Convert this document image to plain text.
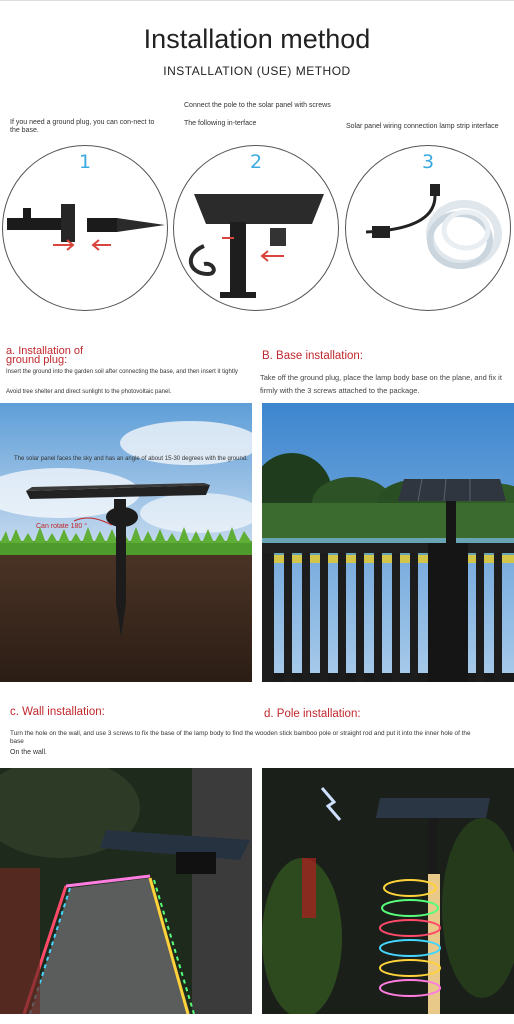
Installation method
INSTALLATION (USE) METHOD
If you need a ground plug, you can con-nect to the base.
Connect the pole to the solar panel with screws
The following in-terface	Solar panel wiring connection lamp strip interface
1	2	3
a. Installation of
ground plug:
Insert the ground into the garden soil after connecting the base, and then insert it tightly
Avoid tree shelter and direct sunlight to the photovoltaic panel.
B. Base installation:
Take off the ground plug, place the lamp body base on the plane, and fix it firmly with the 3 screws attached to the package.
The solar panel faces the sky and has an angle of about 15-30 degrees with the ground.
Can rotate 180 °
c. Wall installation:	d. Pole installation:
Turn the hole on the wall, and use 3 screws to fix the base of the lamp body to find the wooden stick bamboo pole or straight rod and put it into the inner hole of the base
On the wall.
